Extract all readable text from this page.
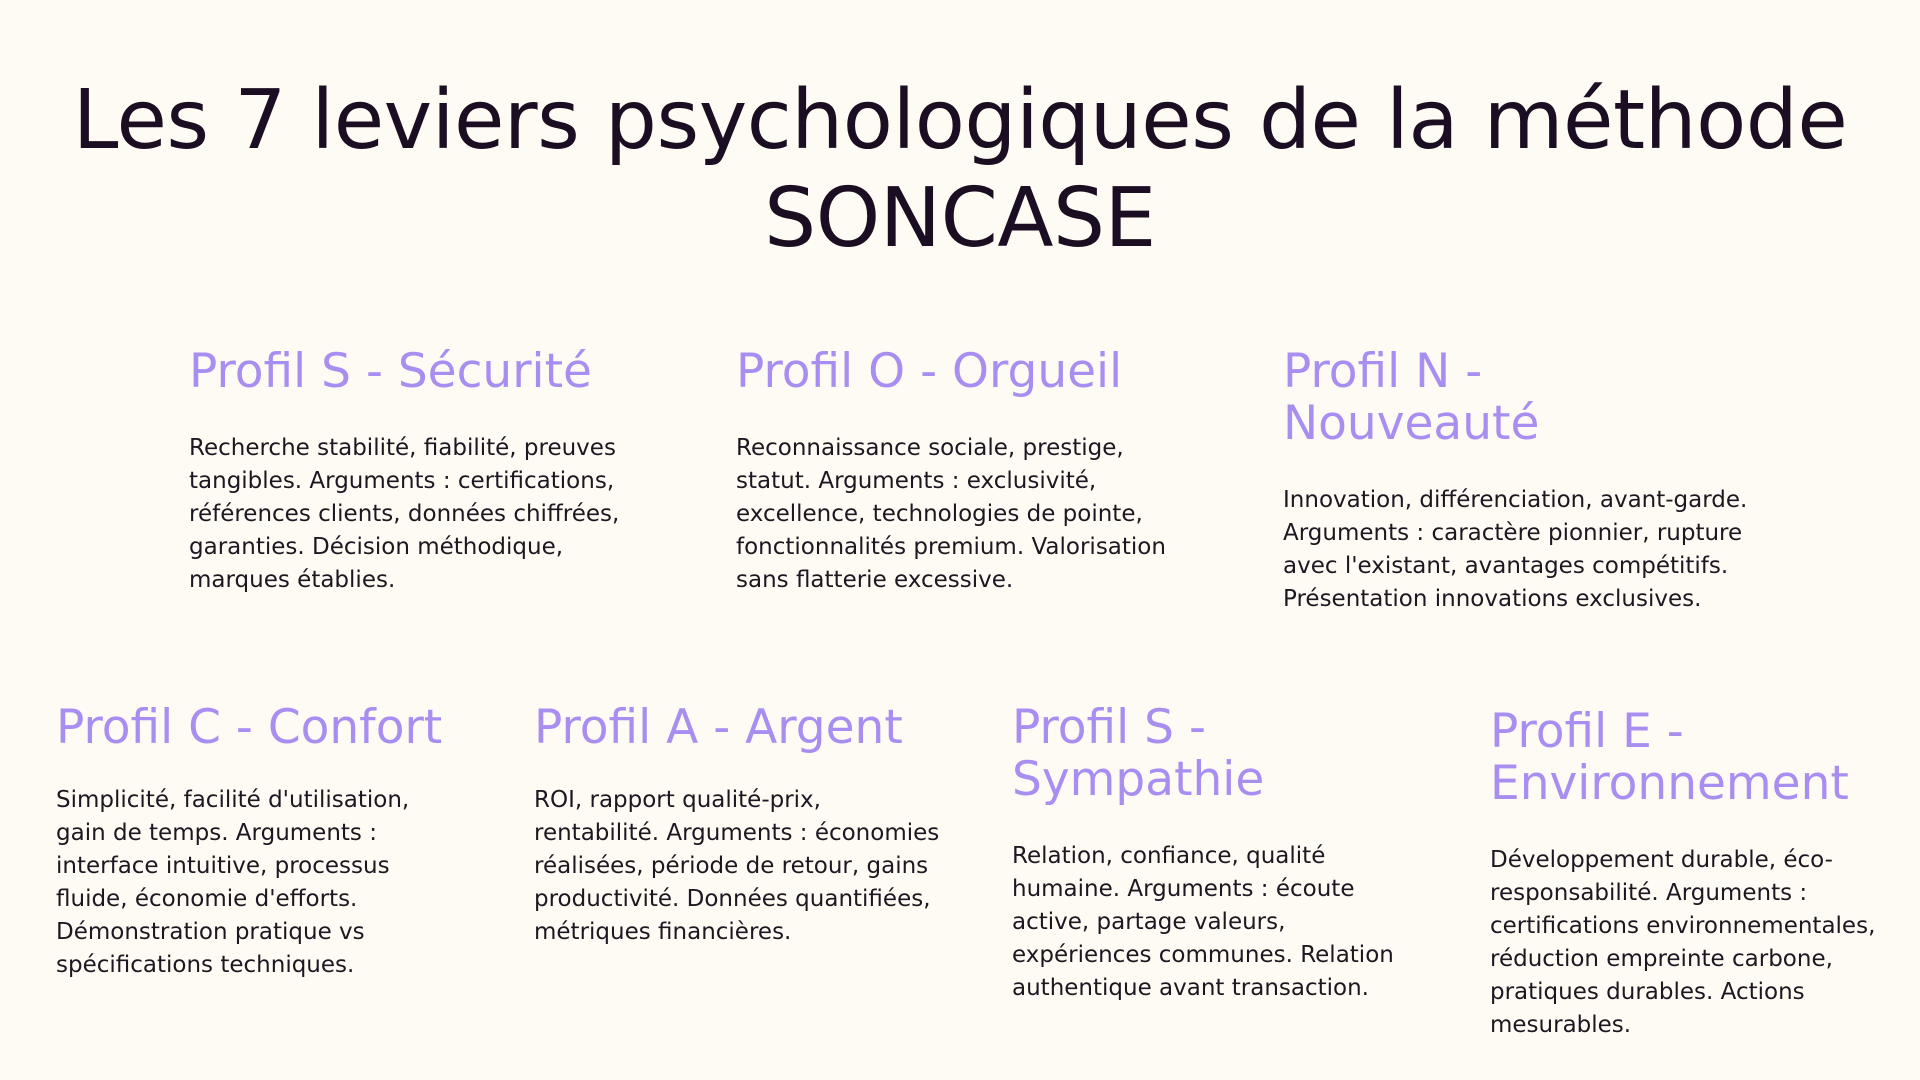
Les 7 leviers psychologiques de la méthode SONCASE
Profil S - Sécurité

Recherche stabilité, fiabilité, preuves tangibles. Arguments : certifications, références clients, données chiffrées, garanties. Décision méthodique, marques établies.

Profil O - Orgueil

Reconnaissance sociale, prestige, statut. Arguments : exclusivité, excellence, technologies de pointe, fonctionnalités premium. Valorisation sans flatterie excessive.

Profil N - Nouveauté

Innovation, différenciation, avant-garde. Arguments : caractère pionnier, rupture avec l'existant, avantages compétitifs. Présentation innovations exclusives.

Profil C - Confort

Simplicité, facilité d'utilisation, gain de temps. Arguments : interface intuitive, processus fluide, économie d'efforts. Démonstration pratique vs spécifications techniques.

Profil A - Argent

ROI, rapport qualité-prix, rentabilité. Arguments : économies réalisées, période de retour, gains productivité. Données quantifiées, métriques financières.

Profil S - Sympathie

Relation, confiance, qualité humaine. Arguments : écoute active, partage valeurs, expériences communes. Relation authentique avant transaction.

Profil E - Environnement

Développement durable, éco-responsabilité. Arguments : certifications environnementales, réduction empreinte carbone, pratiques durables. Actions mesurables.
